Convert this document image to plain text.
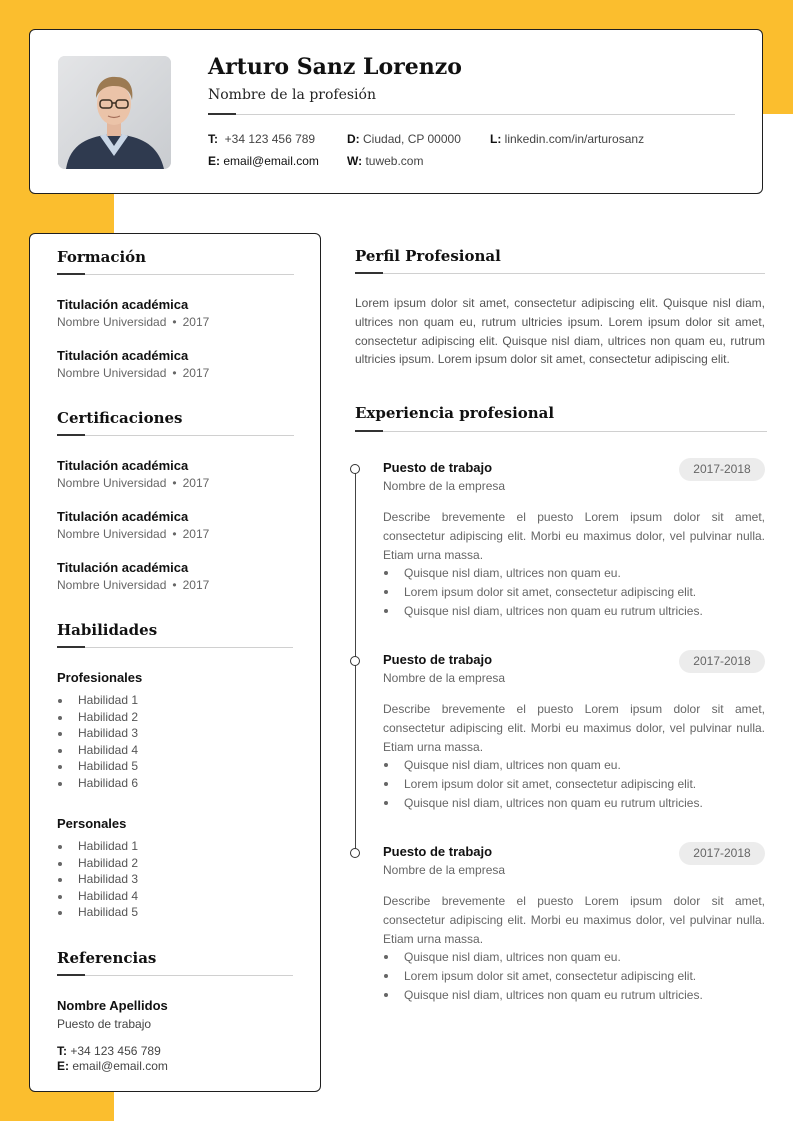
Arturo Sanz Lorenzo

Nombre de la profesión

T: +34 123 456 789
E: email@email.com
D: Ciudad, CP 00000
W: tuweb.com
L: linkedin.com/in/arturosanz
Formación
Titulación académica
Nombre Universidad • 2017
Titulación académica
Nombre Universidad • 2017
Certificaciones
Titulación académica
Nombre Universidad • 2017
Titulación académica
Nombre Universidad • 2017
Titulación académica
Nombre Universidad • 2017
Habilidades
Profesionales
Habilidad 1
Habilidad 2
Habilidad 3
Habilidad 4
Habilidad 5
Habilidad 6
Personales
Habilidad 1
Habilidad 2
Habilidad 3
Habilidad 4
Habilidad 5
Referencias
Nombre Apellidos
Puesto de trabajo
T: +34 123 456 789
E: email@email.com
Perfil Profesional

Lorem ipsum dolor sit amet, consectetur adipiscing elit. Quisque nisl diam, ultrices non quam eu, rutrum ultricies ipsum. Lorem ipsum dolor sit amet, consectetur adipiscing elit. Quisque nisl diam, ultrices non quam eu, rutrum ultricies ipsum. Lorem ipsum dolor sit amet, consectetur adipiscing elit.

Experiencia profesional
Puesto de trabajo
Nombre de la empresa
2017-2018

Describe brevemente el puesto Lorem ipsum dolor sit amet, consectetur adipiscing elit. Morbi eu maximus dolor, vel pulvinar nulla. Etiam urna massa.

Quisque nisl diam, ultrices non quam eu.
Lorem ipsum dolor sit amet, consectetur adipiscing elit.
Quisque nisl diam, ultrices non quam eu rutrum ultricies.
Puesto de trabajo
Nombre de la empresa
2017-2018

Describe brevemente el puesto Lorem ipsum dolor sit amet, consectetur adipiscing elit. Morbi eu maximus dolor, vel pulvinar nulla. Etiam urna massa.

Quisque nisl diam, ultrices non quam eu.
Lorem ipsum dolor sit amet, consectetur adipiscing elit.
Quisque nisl diam, ultrices non quam eu rutrum ultricies.
Puesto de trabajo
Nombre de la empresa
2017-2018

Describe brevemente el puesto Lorem ipsum dolor sit amet, consectetur adipiscing elit. Morbi eu maximus dolor, vel pulvinar nulla. Etiam urna massa.

Quisque nisl diam, ultrices non quam eu.
Lorem ipsum dolor sit amet, consectetur adipiscing elit.
Quisque nisl diam, ultrices non quam eu rutrum ultricies.
